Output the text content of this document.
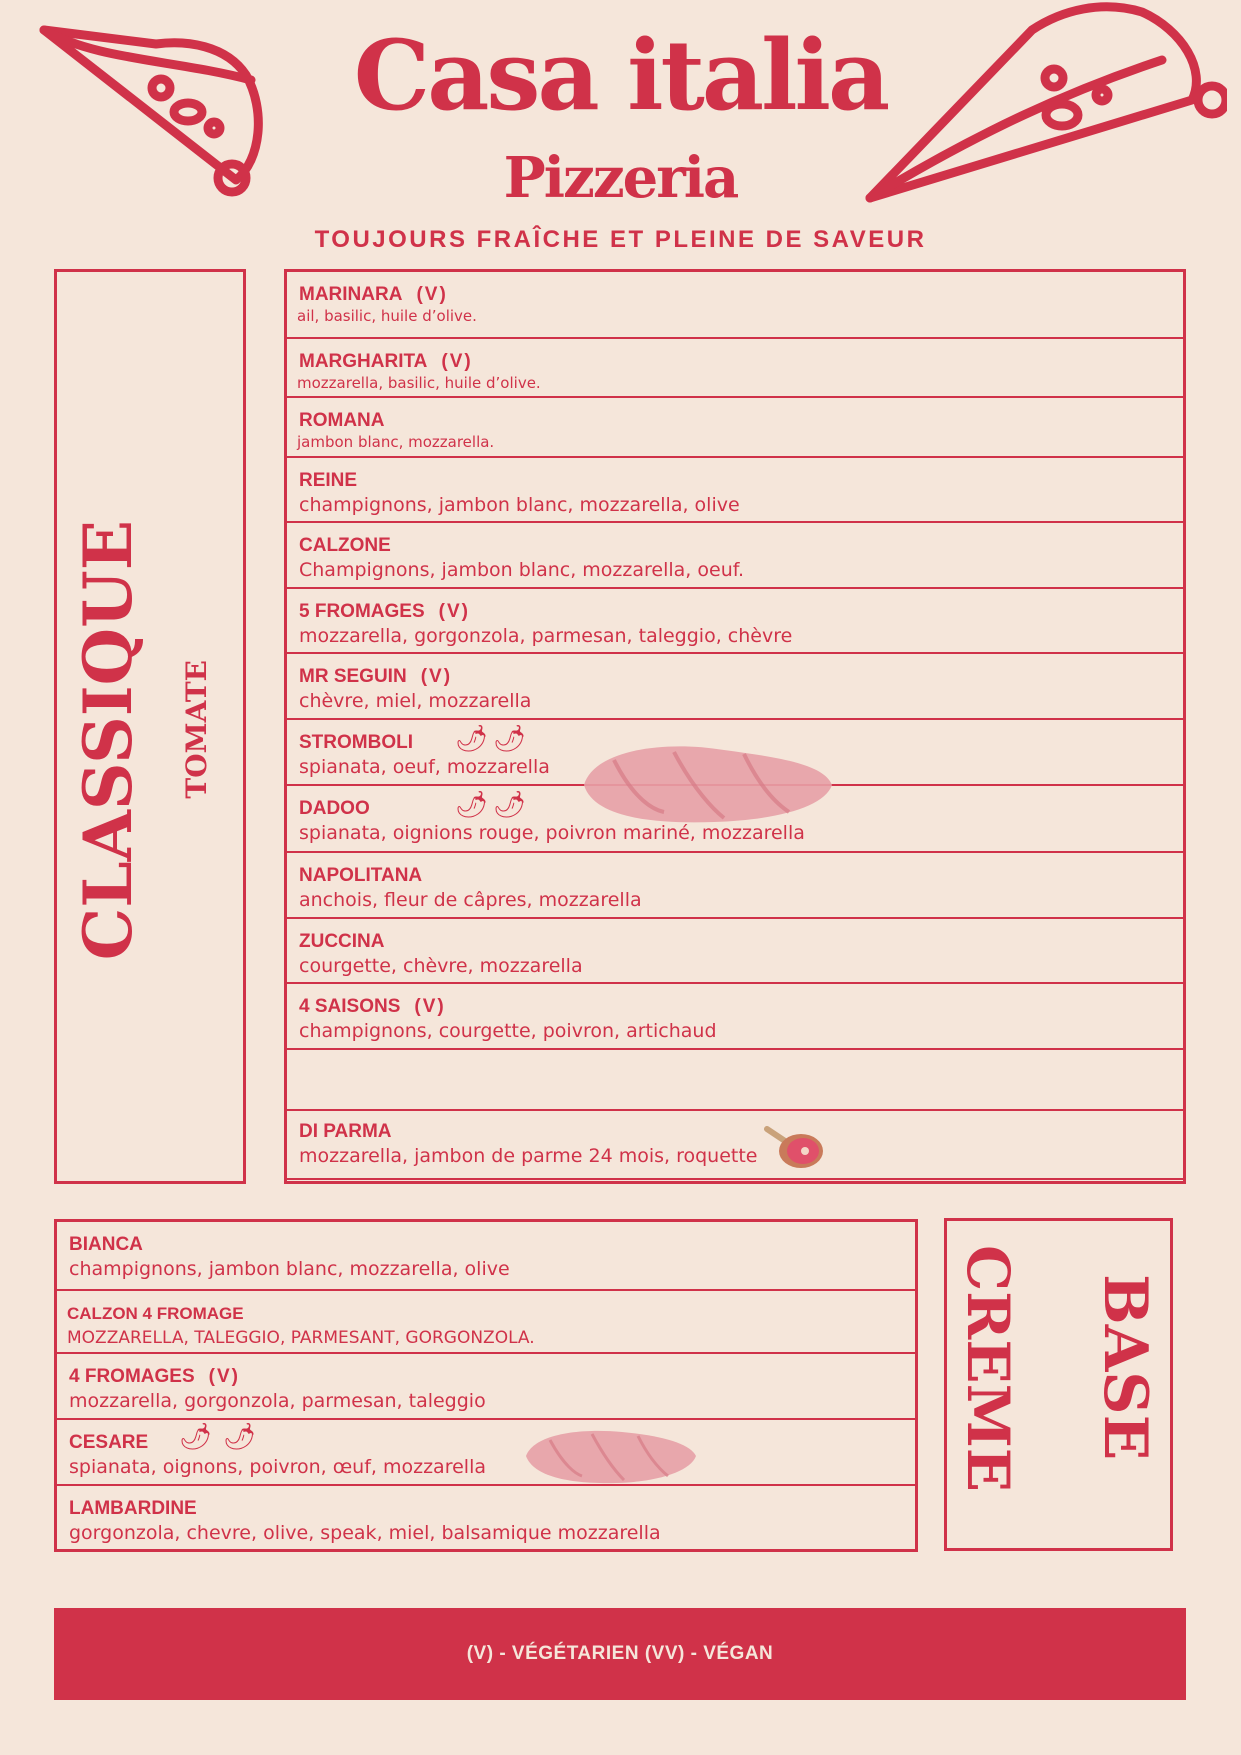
Casa italia
Pizzeria
TOUJOURS FRAÎCHE ET PLEINE DE SAVEUR
CLASSIQUE TOMATE
MARINARA (V)
ail, basilic, huile d’olive.
MARGHARITA (V)
mozzarella, basilic, huile d’olive.
ROMANA
jambon blanc, mozzarella.
REINE
champignons, jambon blanc, mozzarella, olive
CALZONE
Champignons, jambon blanc, mozzarella, oeuf.
5 FROMAGES (V)
mozzarella, gorgonzola, parmesan, taleggio, chèvre
MR SEGUIN (V)
chèvre, miel, mozzarella
STROMBOLI
spianata, oeuf, mozzarella
🌶 🌶
DADOO
spianata, oignions rouge, poivron mariné, mozzarella
🌶 🌶
NAPOLITANA
anchois, fleur de câpres, mozzarella
ZUCCINA
courgette, chèvre, mozzarella
4 SAISONS (V)
champignons, courgette, poivron, artichaud
DI PARMA
mozzarella, jambon de parme 24 mois, roquette
BIANCA
champignons, jambon blanc, mozzarella, olive
CALZON 4 FROMAGE
MOZZARELLA, TALEGGIO, PARMESANT, GORGONZOLA.
4 FROMAGES (V)
mozzarella, gorgonzola, parmesan, taleggio
CESARE
spianata, oignons, poivron, œuf, mozzarella
🌶 🌶
LAMBARDINE
gorgonzola, chevre, olive, speak, miel, balsamique mozzarella
BASE
CREME
(V) - VÉGÉTARIEN (VV) - VÉGAN
